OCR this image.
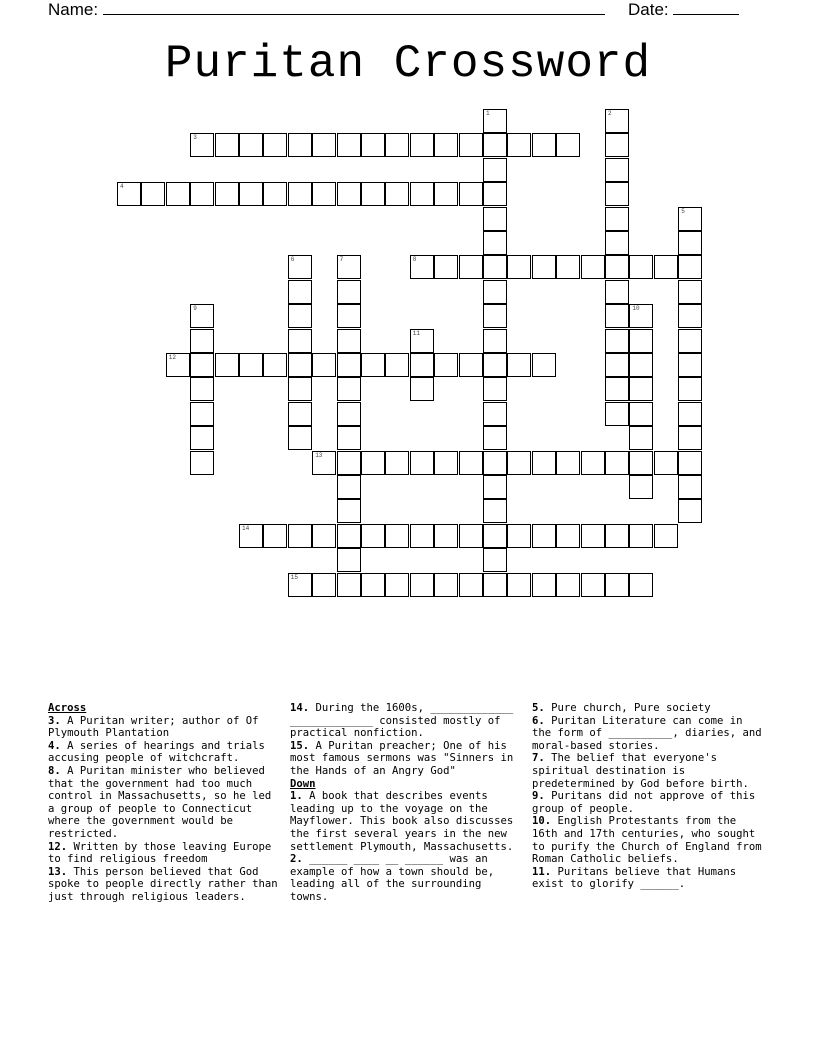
Name:	Date:
Puritan Crossword
1	2
3
4
5
6	7	8
9	10
11
12
13
14
15

Across

3. A Puritan writer; author of Of Plymouth Plantation

4. A series of hearings and trials accusing people of witchcraft.

8. A Puritan minister who believed that the government had too much control in Massachusetts, so he led a group of people to Connecticut where the government would be restricted.

12. Written by those leaving Europe to find religious freedom

13. This person believed that God spoke to people directly rather than just through religious leaders.

14. During the 1600s, _____________ _____________ consisted mostly of practical nonfiction.

15. A Puritan preacher; One of his most famous sermons was "Sinners in the Hands of an Angry God"

Down

1. A book that describes events leading up to the voyage on the Mayflower. This book also discusses the first several years in the new settlement Plymouth, Massachusetts.

2. ______ ____ __ ______ was an example of how a town should be, leading all of the surrounding towns.

5. Pure church, Pure society

6. Puritan Literature can come in the form of __________, diaries, and moral-based stories.

7. The belief that everyone's spiritual destination is predetermined by God before birth.

9. Puritans did not approve of this group of people.

10. English Protestants from the 16th and 17th centuries, who sought to purify the Church of England from Roman Catholic beliefs.

11. Puritans believe that Humans exist to glorify ______.
